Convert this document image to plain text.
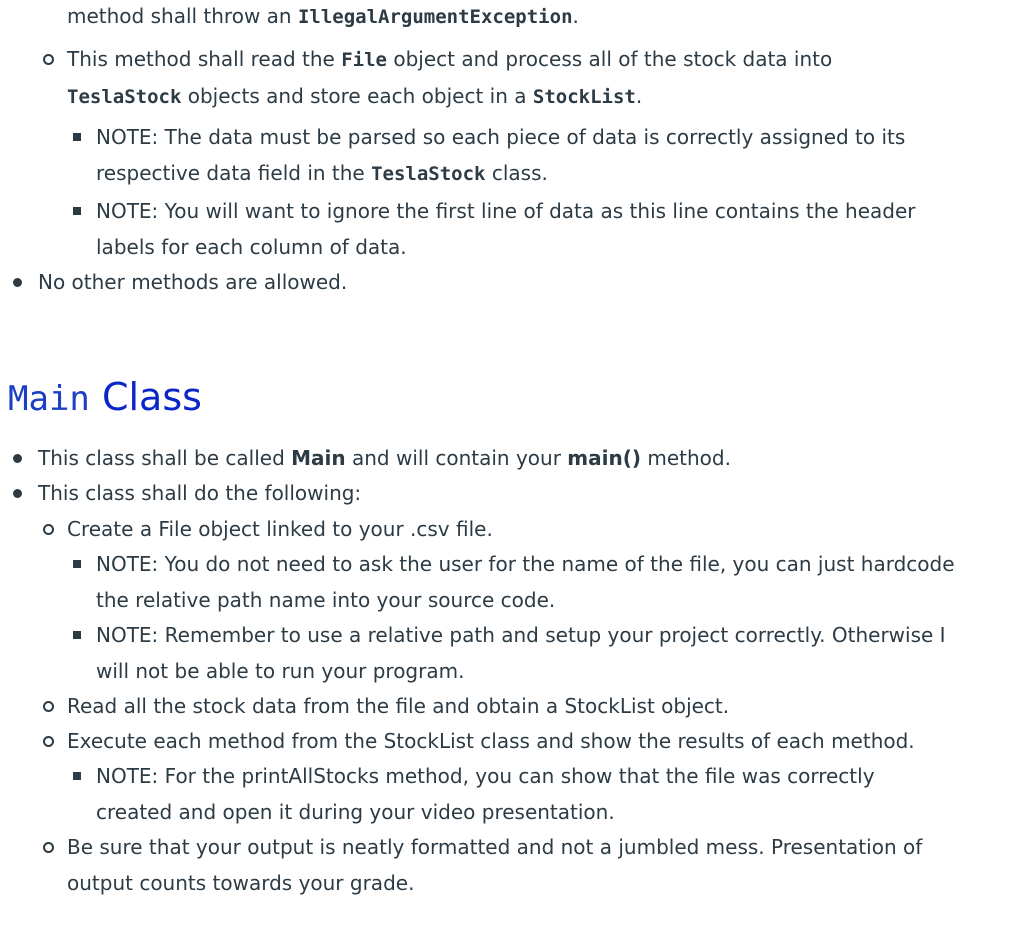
method shall throw an IllegalArgumentException.
This method shall read the File object and process all of the stock data into
TeslaStock objects and store each object in a StockList.
NOTE: The data must be parsed so each piece of data is correctly assigned to its
respective data field in the TeslaStock class.
NOTE: You will want to ignore the first line of data as this line contains the header
labels for each column of data.
No other methods are allowed.
Main Class
This class shall be called Main and will contain your main() method.
This class shall do the following:
Create a File object linked to your .csv file.
NOTE: You do not need to ask the user for the name of the file, you can just hardcode
the relative path name into your source code.
NOTE: Remember to use a relative path and setup your project correctly. Otherwise I
will not be able to run your program.
Read all the stock data from the file and obtain a StockList object.
Execute each method from the StockList class and show the results of each method.
NOTE: For the printAllStocks method, you can show that the file was correctly
created and open it during your video presentation.
Be sure that your output is neatly formatted and not a jumbled mess. Presentation of
output counts towards your grade.
